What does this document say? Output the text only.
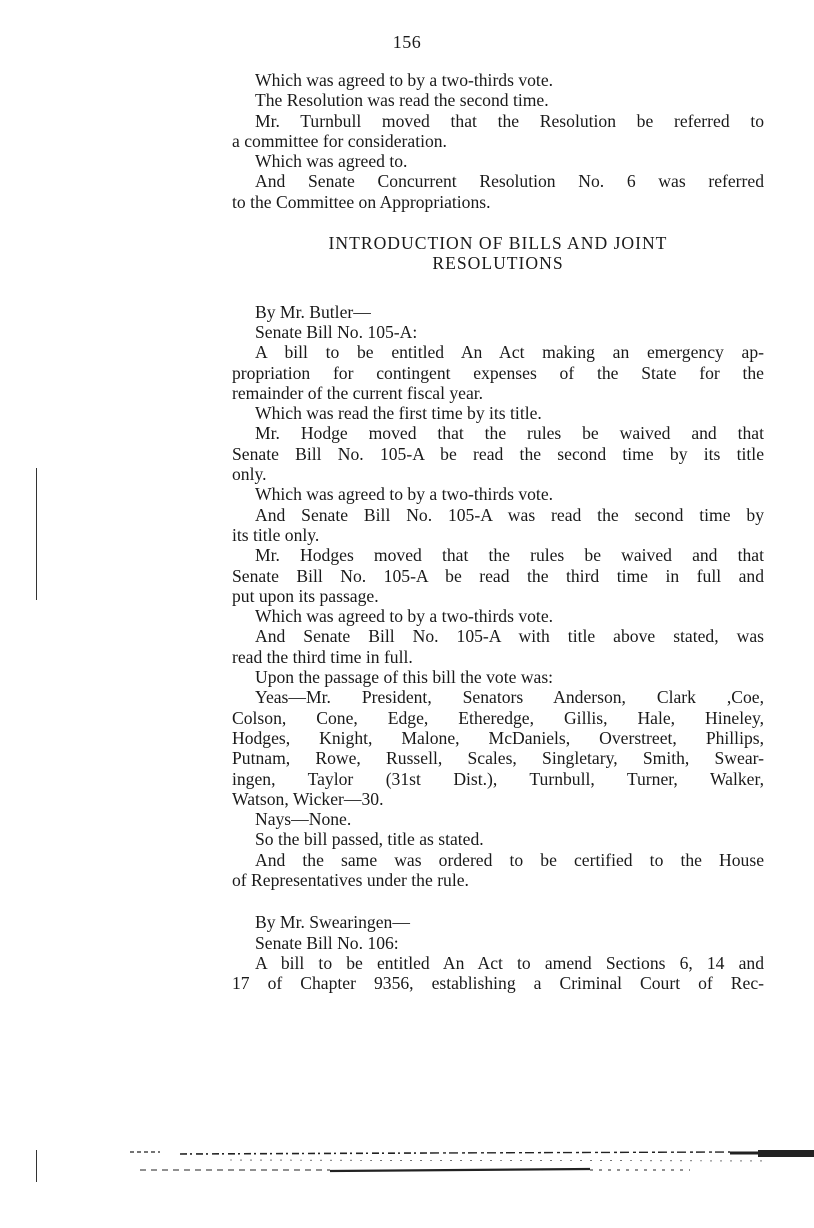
156
Which was agreed to by a two-thirds vote.
The Resolution was read the second time.
Mr. Turnbull moved that the Resolution be referred to
a committee for consideration.
Which was agreed to.
And Senate Concurrent Resolution No. 6 was referred
to the Committee on Appropriations.
INTRODUCTION OF BILLS AND JOINT
RESOLUTIONS
By Mr. Butler—
Senate Bill No. 105-A:
A bill to be entitled An Act making an emergency ap-
propriation for contingent expenses of the State for the
remainder of the current fiscal year.
Which was read the first time by its title.
Mr. Hodge moved that the rules be waived and that
Senate Bill No. 105-A be read the second time by its title
only.
Which was agreed to by a two-thirds vote.
And Senate Bill No. 105-A was read the second time by
its title only.
Mr. Hodges moved that the rules be waived and that
Senate Bill No. 105-A be read the third time in full and
put upon its passage.
Which was agreed to by a two-thirds vote.
And Senate Bill No. 105-A with title above stated, was
read the third time in full.
Upon the passage of this bill the vote was:
Yeas—Mr. President, Senators Anderson, Clark ,Coe,
Colson, Cone, Edge, Etheredge, Gillis, Hale, Hineley,
Hodges, Knight, Malone, McDaniels, Overstreet, Phillips,
Putnam, Rowe, Russell, Scales, Singletary, Smith, Swear-
ingen, Taylor (31st Dist.), Turnbull, Turner, Walker,
Watson, Wicker—30.
Nays—None.
So the bill passed, title as stated.
And the same was ordered to be certified to the House
of Representatives under the rule.
By Mr. Swearingen—
Senate Bill No. 106:
A bill to be entitled An Act to amend Sections 6, 14 and
17 of Chapter 9356, establishing a Criminal Court of Rec-
